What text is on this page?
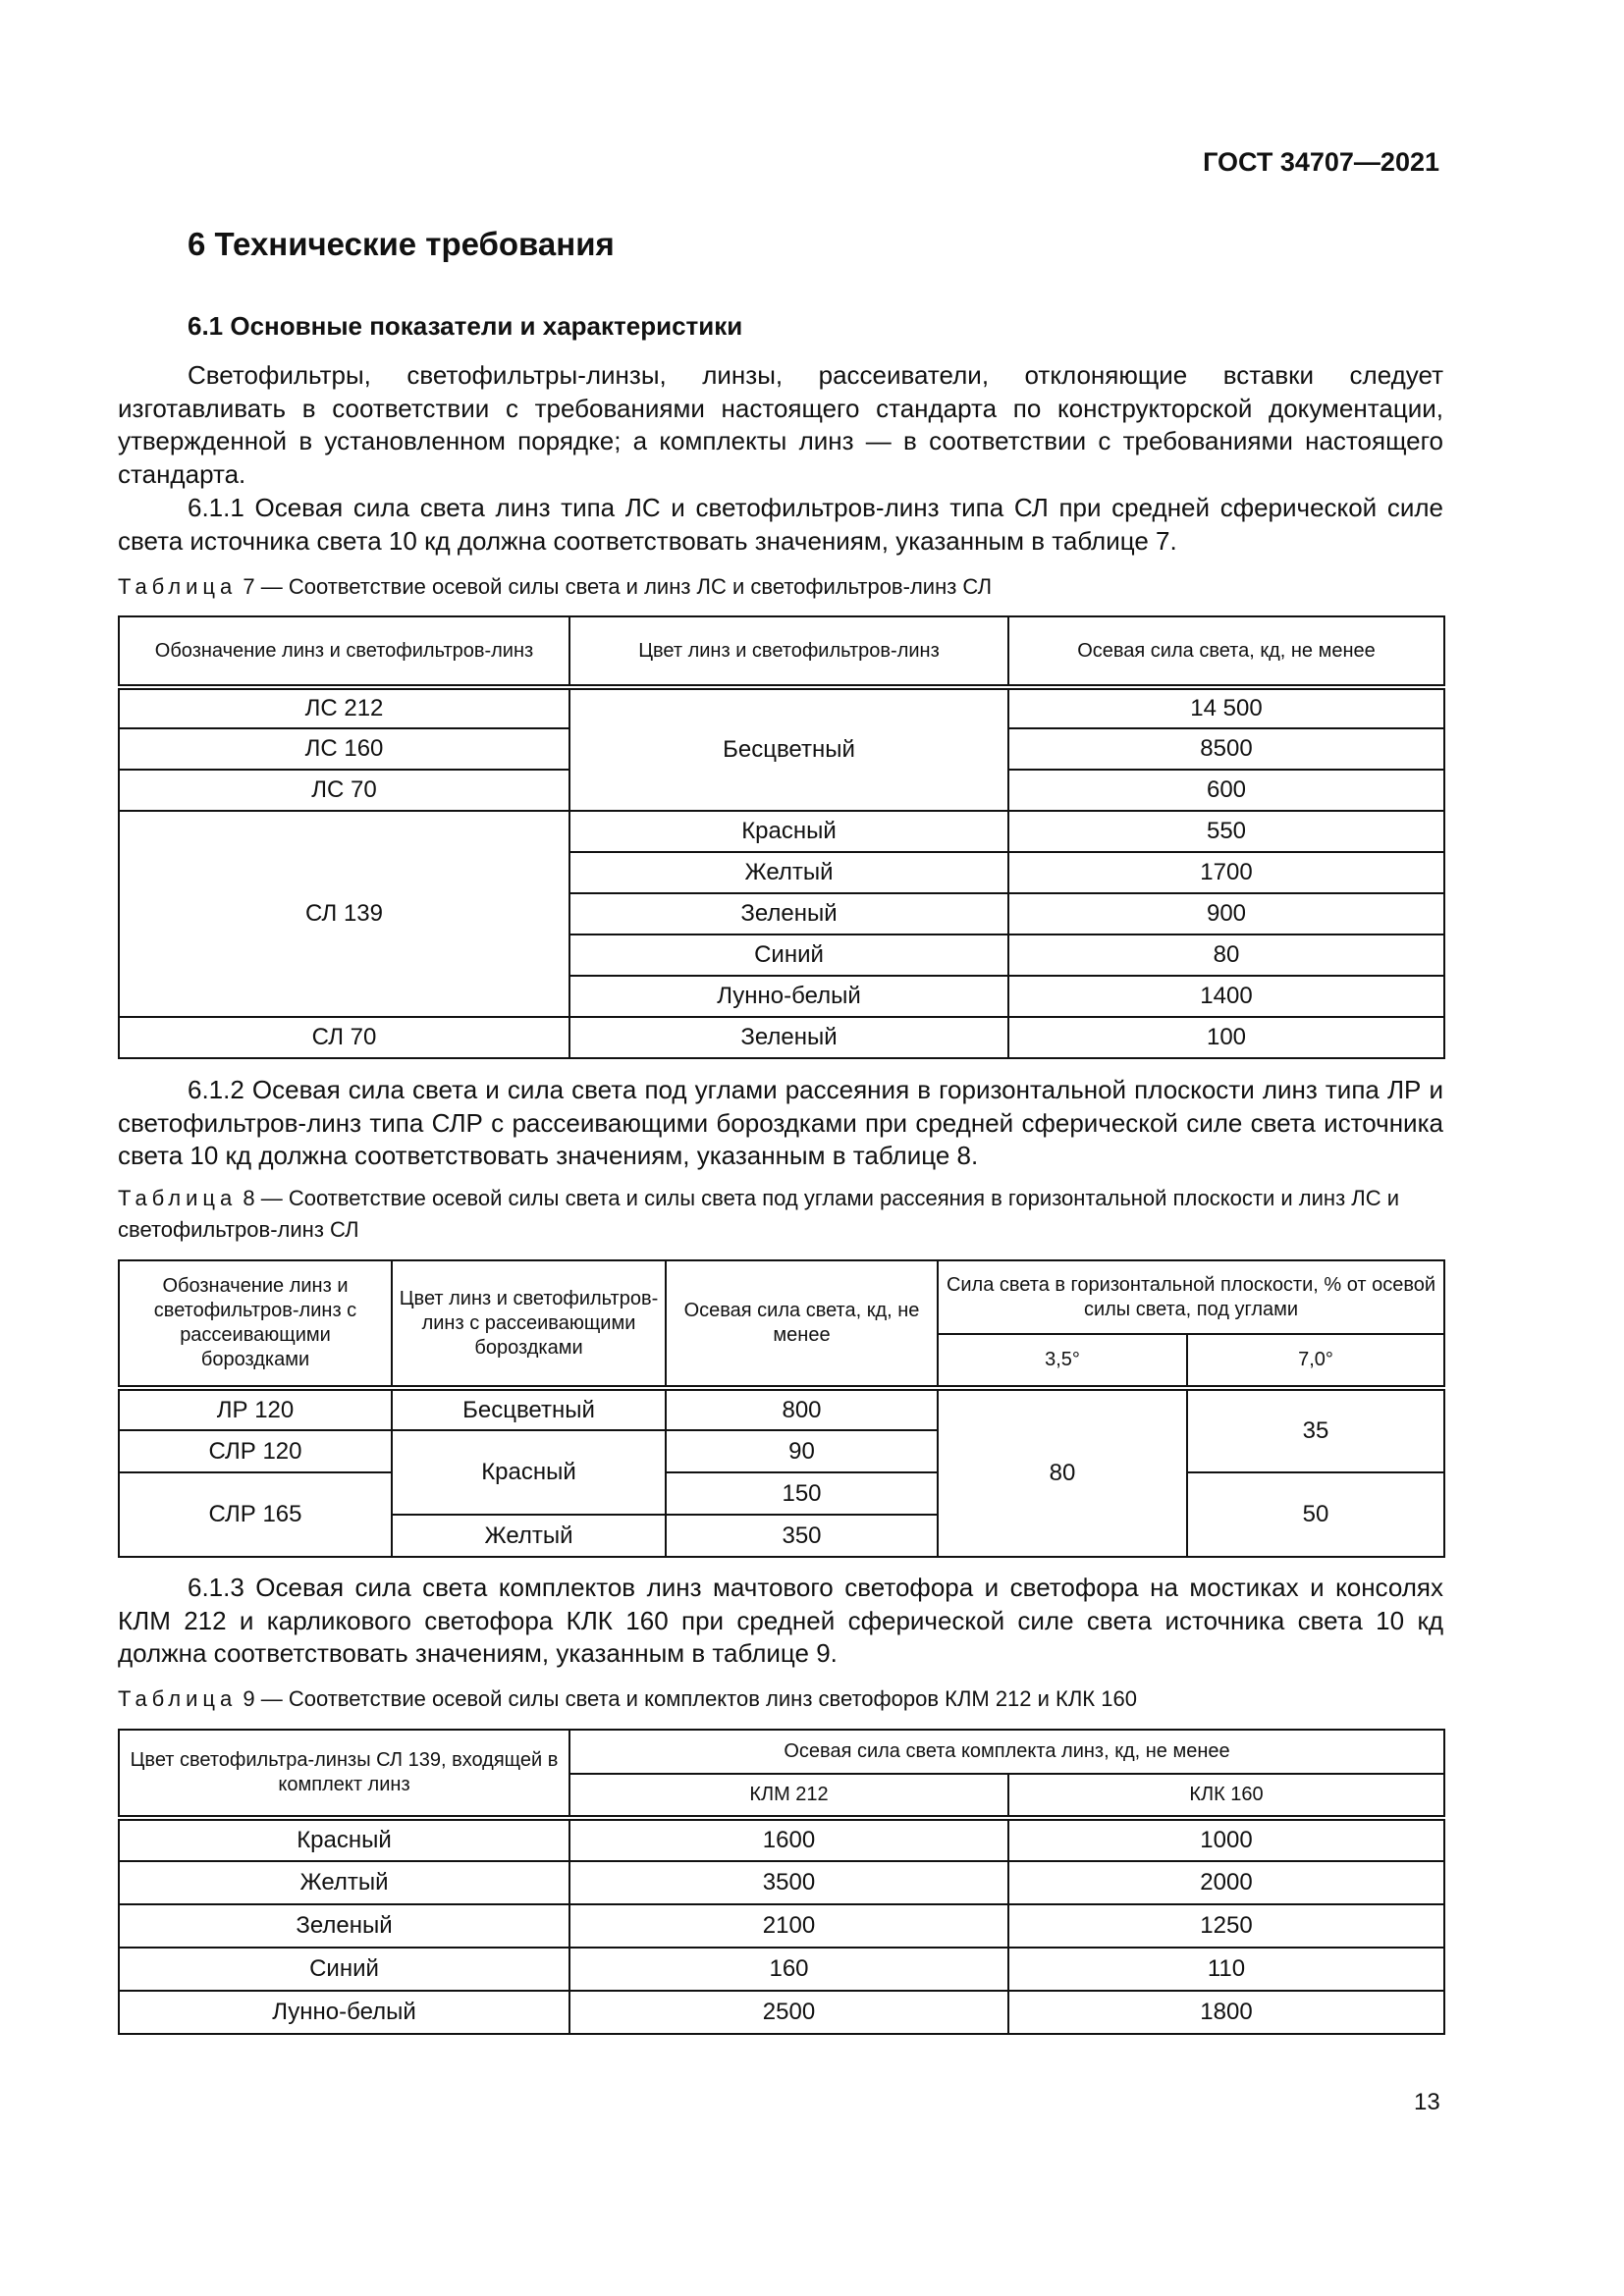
ГОСТ 34707—2021
6 Технические требования
6.1 Основные показатели и характеристики
Светофильтры, светофильтры-линзы, линзы, рассеиватели, отклоняющие вставки следует изготавливать в соответствии с требованиями настоящего стандарта по конструкторской документации, утвержденной в установленном порядке; а комплекты линз — в соответствии с требованиями настоящего стандарта.
6.1.1 Осевая сила света линз типа ЛС и светофильтров-линз типа СЛ при средней сферической силе света источника света 10 кд должна соответствовать значениям, указанным в таблице 7.
Таблица 7 — Соответствие осевой силы света и линз ЛС и светофильтров-линз СЛ
Обозначение линз и светофильтров-линз	Цвет линз и светофильтров-линз	Осевая сила света, кд, не менее
ЛС 212	Бесцветный	14 500
ЛС 160		8500
ЛС 70		600
СЛ 139	Красный	550
	Желтый	1700
	Зеленый	900
	Синий	80
	Лунно-белый	1400
СЛ 70	Зеленый	100
6.1.2 Осевая сила света и сила света под углами рассеяния в горизонтальной плоскости линз типа ЛР и светофильтров-линз типа СЛР с рассеивающими бороздками при средней сферической силе света источника света 10 кд должна соответствовать значениям, указанным в таблице 8.
Таблица 8 — Соответствие осевой силы света и силы света под углами рассеяния в горизонтальной плоскости и линз ЛС и светофильтров-линз СЛ
Обозначение линз и светофильтров-линз с рассеивающими бороздками	Цвет линз и светофильтров-линз с рассеивающими бороздками	Осевая сила света, кд, не менее	Сила света в горизонтальной плоскости, % от осевой силы света, под углами	
			3,5°	7,0°
ЛР 120	Бесцветный	800	80	35
СЛР 120	Красный	90		
СЛР 165		150		50
	Желтый	350		
6.1.3 Осевая сила света комплектов линз мачтового светофора и светофора на мостиках и консолях КЛМ 212 и карликового светофора КЛК 160 при средней сферической силе света источника света 10 кд должна соответствовать значениям, указанным в таблице 9.
Таблица 9 — Соответствие осевой силы света и комплектов линз светофоров КЛМ 212 и КЛК 160
Цвет светофильтра-линзы СЛ 139, входящей в комплект линз	Осевая сила света комплекта линз, кд, не менее	
	КЛМ 212	КЛК 160
Красный	1600	1000
Желтый	3500	2000
Зеленый	2100	1250
Синий	160	110
Лунно-белый	2500	1800
13
